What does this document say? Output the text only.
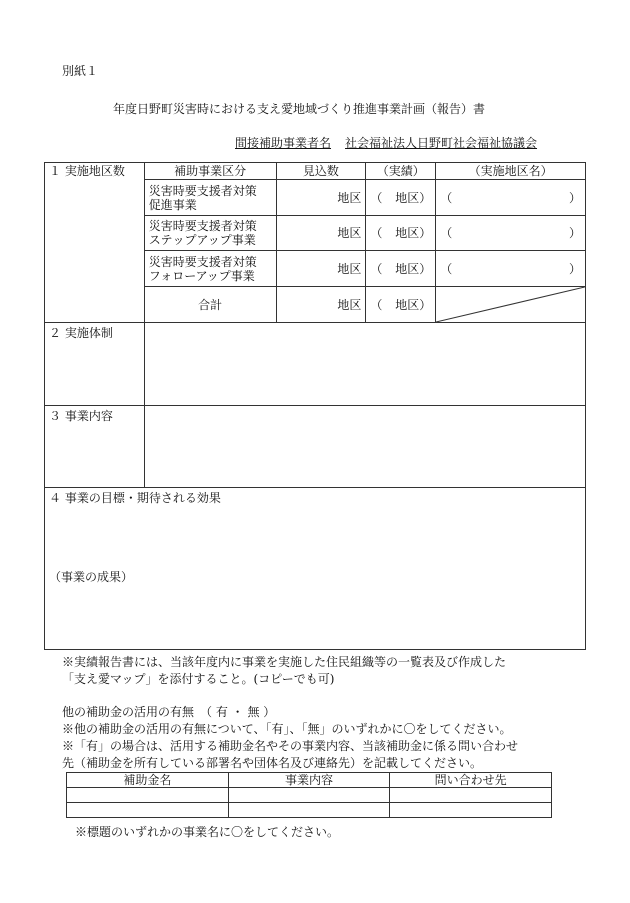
別紙１
年度日野町災害時における支え愛地域づくり推進事業計画（報告）書
間接補助事業者名 社会福祉法人日野町社会福祉協議会
１ 実施地区数	補助事業区分	見込数	（実績）	（実施地区名）
	災害時要支援者対策
促進事業	地区	（ 地区）	（ ）

	災害時要支援者対策
ステップアップ事業	地区	（ 地区）	（ ）

	災害時要支援者対策
フォローアップ事業	地区	（ 地区）	（ ）

	合計	地区	（ 地区）

２ 実施体制				
３ 事業内容				

４ 事業の目標・期待される効果
（事業の成果）				
※実績報告書には、当該年度内に事業を実施した住民組織等の一覧表及び作成した
「支え愛マップ」を添付すること。(コピーでも可)
他の補助金の活用の有無　（ 有 ・ 無 ）
※他の補助金の活用の有無について、「有」、「無」のいずれかに〇をしてください。
※「有」の場合は、活用する補助金名やその事業内容、当該補助金に係る問い合わせ
先（補助金を所有している部署名や団体名及び連絡先）を記載してください。
補助金名	事業内容	問い合わせ先

※標題のいずれかの事業名に〇をしてください。
